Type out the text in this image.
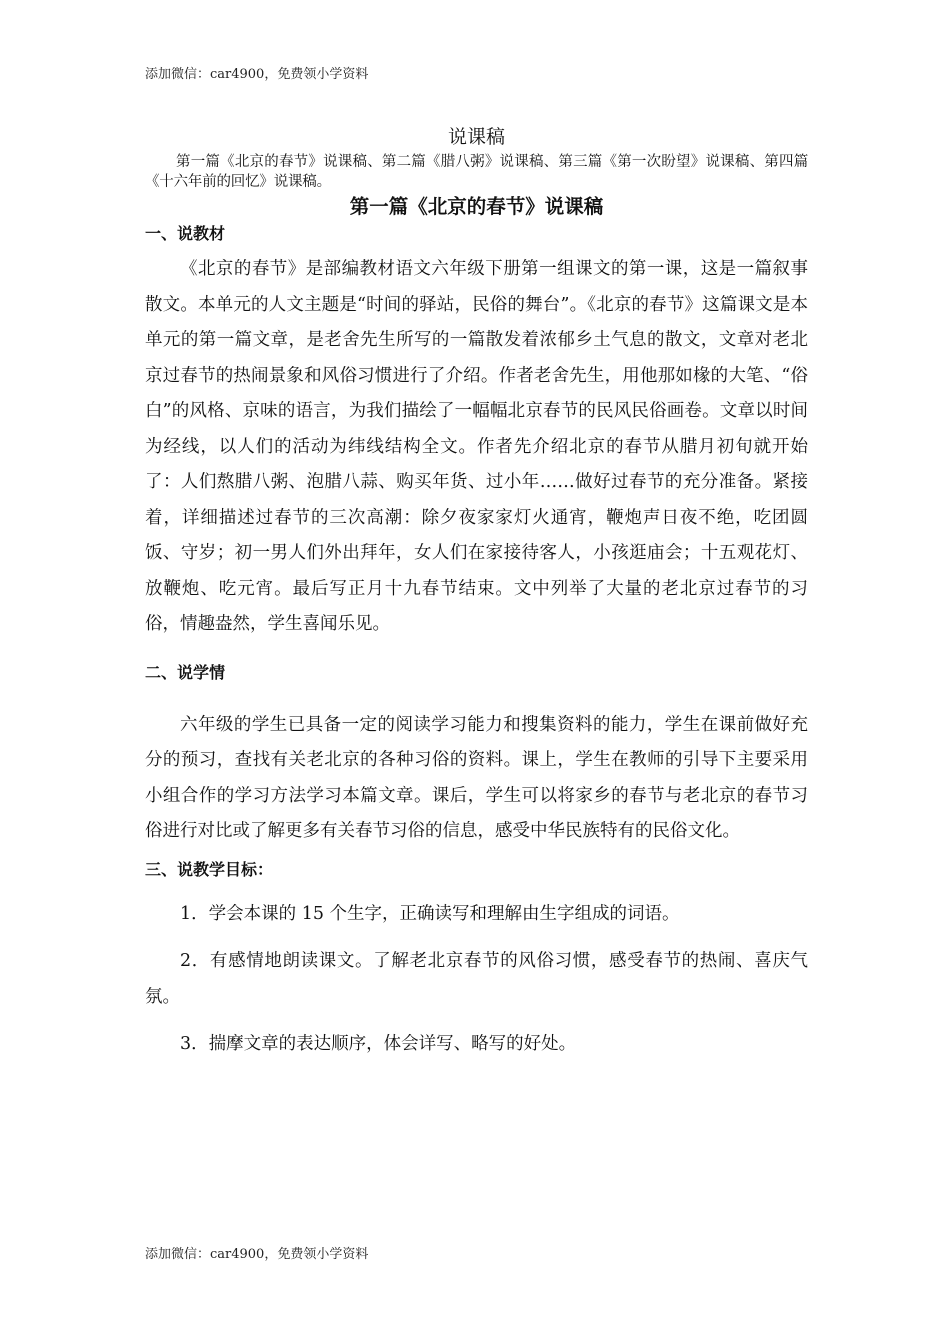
添加微信：car4900，免费领小学资料
说课稿

第一篇《北京的春节》说课稿、第二篇《腊八粥》说课稿、第三篇《第一次盼望》说课稿、第四篇《十六年前的回忆》说课稿。

第一篇《北京的春节》说课稿
一、说教材

《北京的春节》是部编教材语文六年级下册第一组课文的第一课，这是一篇叙事散文。本单元的人文主题是“时间的驿站，民俗的舞台”。《北京的春节》这篇课文是本单元的第一篇文章，是老舍先生所写的一篇散发着浓郁乡土气息的散文，文章对老北京过春节的热闹景象和风俗习惯进行了介绍。作者老舍先生，用他那如椽的大笔、“俗白”的风格、京味的语言，为我们描绘了一幅幅北京春节的民风民俗画卷。文章以时间为经线，以人们的活动为纬线结构全文。作者先介绍北京的春节从腊月初旬就开始了：人们熬腊八粥、泡腊八蒜、购买年货、过小年……做好过春节的充分准备。紧接着，详细描述过春节的三次高潮：除夕夜家家灯火通宵，鞭炮声日夜不绝，吃团圆饭、守岁；初一男人们外出拜年，女人们在家接待客人，小孩逛庙会；十五观花灯、放鞭炮、吃元宵。最后写正月十九春节结束。文中列举了大量的老北京过春节的习俗，情趣盎然，学生喜闻乐见。

二、说学情

六年级的学生已具备一定的阅读学习能力和搜集资料的能力，学生在课前做好充分的预习，查找有关老北京的各种习俗的资料。课上，学生在教师的引导下主要采用小组合作的学习方法学习本篇文章。课后，学生可以将家乡的春节与老北京的春节习俗进行对比或了解更多有关春节习俗的信息，感受中华民族特有的民俗文化。

三、说教学目标：

1．学会本课的 15 个生字，正确读写和理解由生字组成的词语。

2．有感情地朗读课文。了解老北京春节的风俗习惯，感受春节的热闹、喜庆气氛。

3．揣摩文章的表达顺序，体会详写、略写的好处。

添加微信：car4900，免费领小学资料
